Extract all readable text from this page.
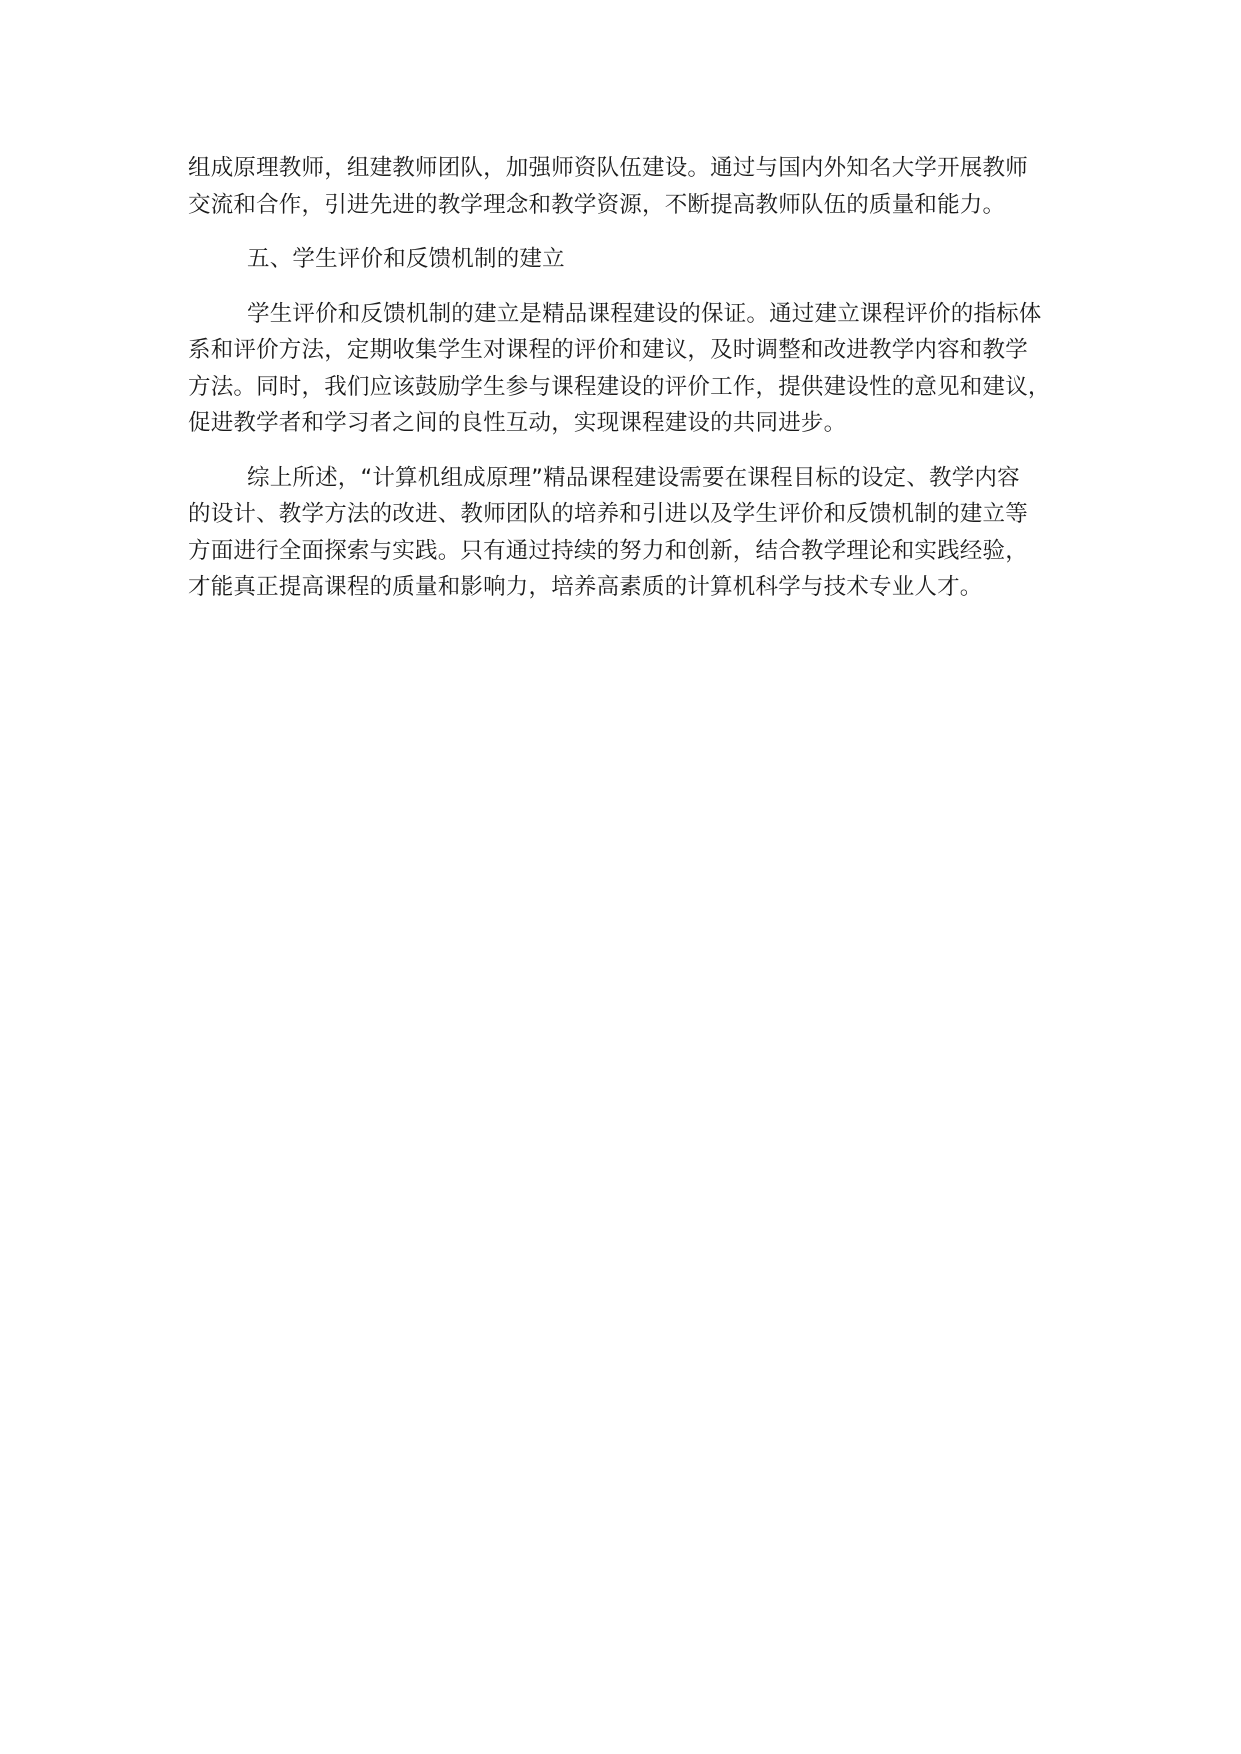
组成原理教师，组建教师团队，加强师资队伍建设。通过与国内外知名大学开展教师
交流和合作，引进先进的教学理念和教学资源，不断提高教师队伍的质量和能力。
五、学生评价和反馈机制的建立
学生评价和反馈机制的建立是精品课程建设的保证。通过建立课程评价的指标体
系和评价方法，定期收集学生对课程的评价和建议，及时调整和改进教学内容和教学
方法。同时，我们应该鼓励学生参与课程建设的评价工作，提供建设性的意见和建议，
促进教学者和学习者之间的良性互动，实现课程建设的共同进步。
综上所述，“计算机组成原理”精品课程建设需要在课程目标的设定、教学内容
的设计、教学方法的改进、教师团队的培养和引进以及学生评价和反馈机制的建立等
方面进行全面探索与实践。只有通过持续的努力和创新，结合教学理论和实践经验，
才能真正提高课程的质量和影响力，培养高素质的计算机科学与技术专业人才。
